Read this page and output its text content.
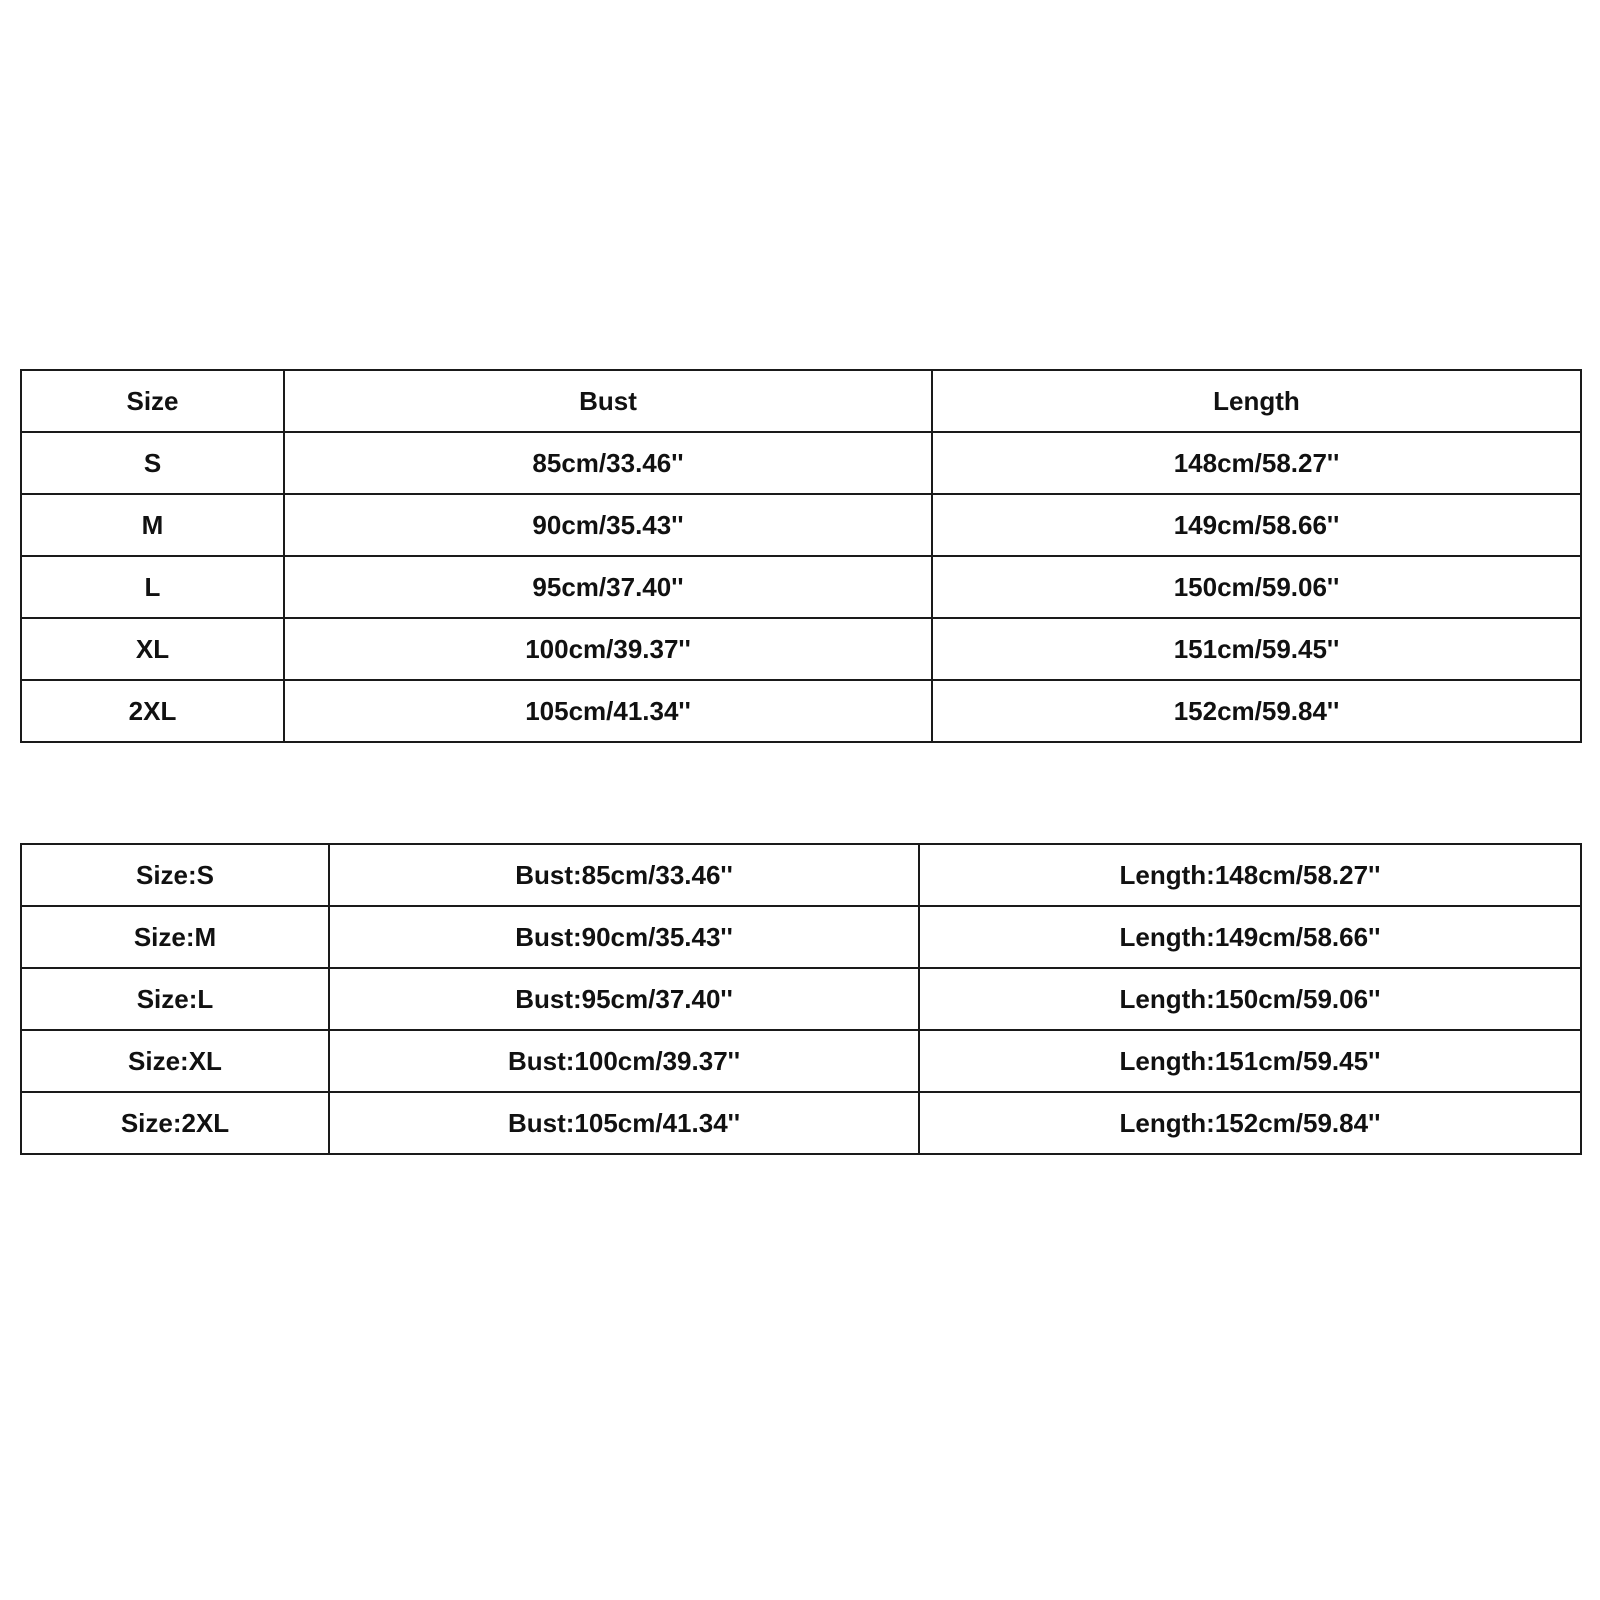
Size	Bust	Length
S	85cm/33.46''	148cm/58.27''
M	90cm/35.43''	149cm/58.66''
L	95cm/37.40''	150cm/59.06''
XL	100cm/39.37''	151cm/59.45''
2XL	105cm/41.34''	152cm/59.84''
Size:S	Bust:85cm/33.46''	Length:148cm/58.27''
Size:M	Bust:90cm/35.43''	Length:149cm/58.66''
Size:L	Bust:95cm/37.40''	Length:150cm/59.06''
Size:XL	Bust:100cm/39.37''	Length:151cm/59.45''
Size:2XL	Bust:105cm/41.34''	Length:152cm/59.84''
